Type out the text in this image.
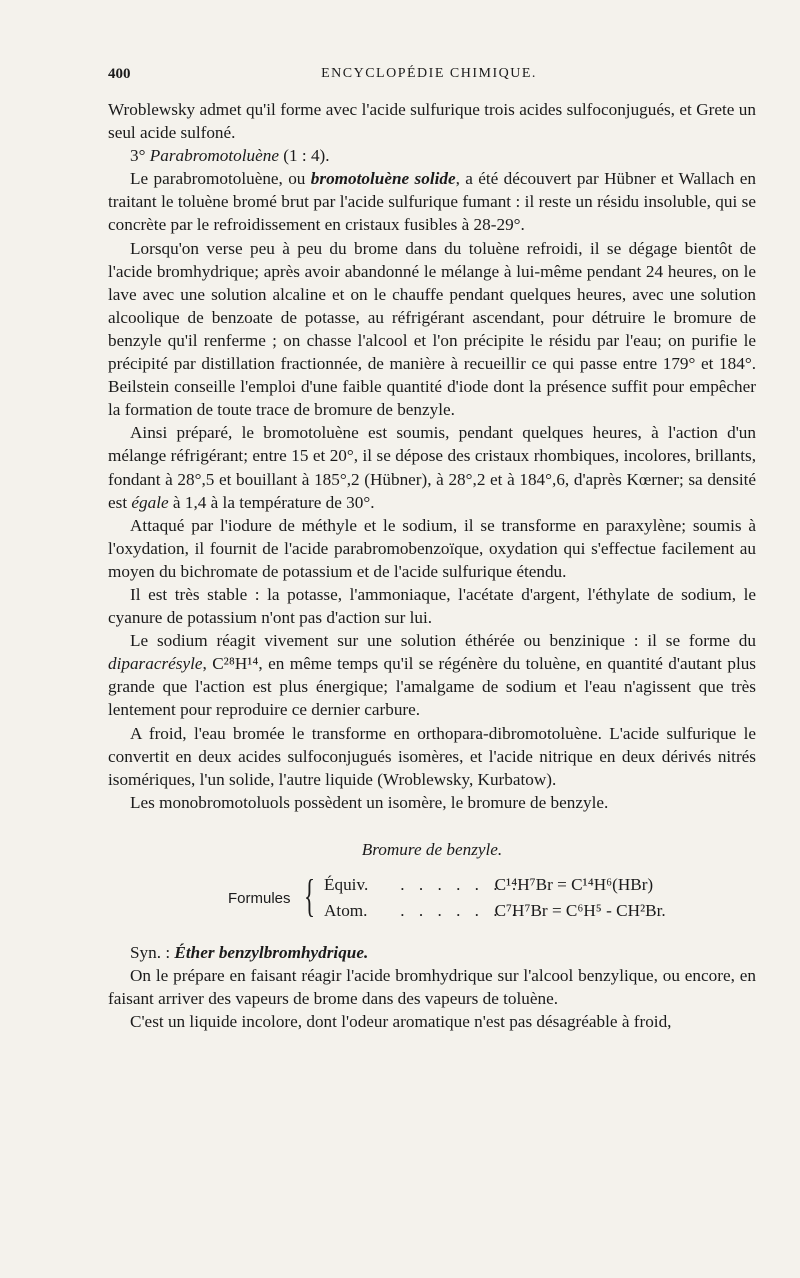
400	ENCYCLOPÉDIE CHIMIQUE.

Wroblewsky admet qu'il forme avec l'acide sulfurique trois acides sulfoconjugués, et Grete un seul acide sulfoné.

3° Parabromotoluène (1 : 4).

Le parabromotoluène, ou bromotoluène solide, a été découvert par Hübner et Wallach en traitant le toluène bromé brut par l'acide sulfurique fumant : il reste un résidu insoluble, qui se concrète par le refroidissement en cristaux fusibles à 28-29°.

Lorsqu'on verse peu à peu du brome dans du toluène refroidi, il se dégage bientôt de l'acide bromhydrique; après avoir abandonné le mélange à lui-même pendant 24 heures, on le lave avec une solution alcaline et on le chauffe pendant quelques heures, avec une solution alcoolique de benzoate de potasse, au réfrigérant ascendant, pour détruire le bromure de benzyle qu'il renferme ; on chasse l'alcool et l'on précipite le résidu par l'eau; on purifie le précipité par distillation fractionnée, de manière à recueillir ce qui passe entre 179° et 184°. Beilstein conseille l'emploi d'une faible quantité d'iode dont la présence suffit pour empêcher la formation de toute trace de bromure de benzyle.

Ainsi préparé, le bromotoluène est soumis, pendant quelques heures, à l'action d'un mélange réfrigérant; entre 15 et 20°, il se dépose des cristaux rhombiques, incolores, brillants, fondant à 28°,5 et bouillant à 185°,2 (Hübner), à 28°,2 et à 184°,6, d'après Kœrner; sa densité est égale à 1,4 à la température de 30°.

Attaqué par l'iodure de méthyle et le sodium, il se transforme en paraxylène; soumis à l'oxydation, il fournit de l'acide parabromobenzoïque, oxydation qui s'effectue facilement au moyen du bichromate de potassium et de l'acide sulfurique étendu.

Il est très stable : la potasse, l'ammoniaque, l'acétate d'argent, l'éthylate de sodium, le cyanure de potassium n'ont pas d'action sur lui.

Le sodium réagit vivement sur une solution éthérée ou benzinique : il se forme du diparacrésyle, C²⁸H¹⁴, en même temps qu'il se régénère du toluène, en quantité d'autant plus grande que l'action est plus énergique; l'amalgame de sodium et l'eau n'agissent que très lentement pour reproduire ce dernier carbure.

A froid, l'eau bromée le transforme en orthopara-dibromotoluène. L'acide sulfurique le convertit en deux acides sulfoconjugués isomères, et l'acide nitrique en deux dérivés nitrés isomériques, l'un solide, l'autre liquide (Wroblewsky, Kurbatow).

Les monobromotoluols possèdent un isomère, le bromure de benzyle.

Bromure de benzyle.
Formules { Équiv. . . . . . . . C¹⁴H⁷Br = C¹⁴H⁶(HBr)
Atom. . . . . . . . C⁷H⁷Br = C⁶H⁵ - CH²Br.

Syn. : Éther benzylbromhydrique.

On le prépare en faisant réagir l'acide bromhydrique sur l'alcool benzylique, ou encore, en faisant arriver des vapeurs de brome dans des vapeurs de toluène.

C'est un liquide incolore, dont l'odeur aromatique n'est pas désagréable à froid,
